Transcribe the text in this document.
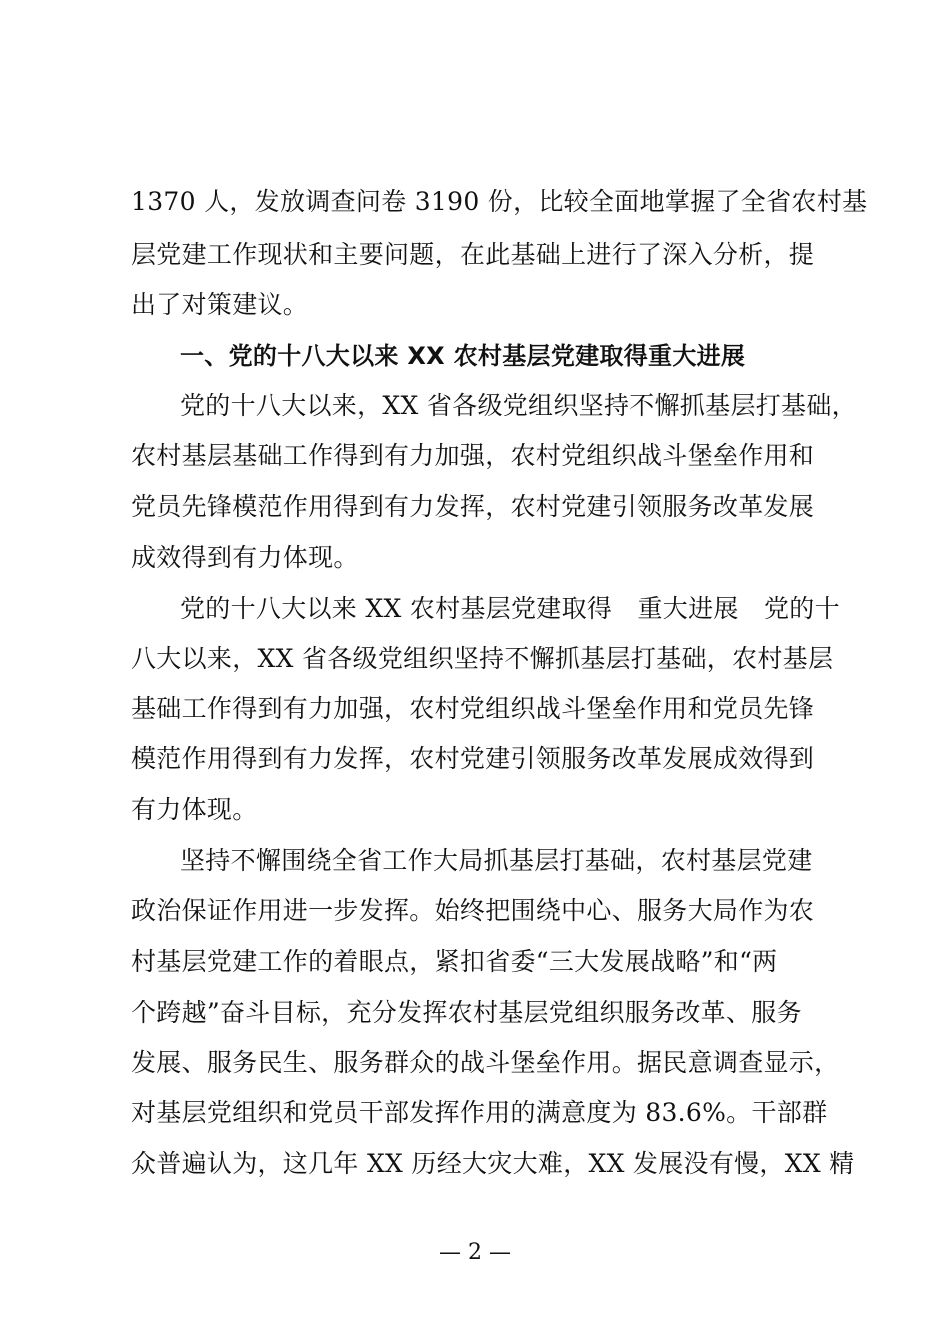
1370 人，发放调查问卷 3190 份，比较全面地掌握了全省农村基
层党建工作现状和主要问题，在此基础上进行了深入分析，提
出了对策建议。
一、党的十八大以来 XX 农村基层党建取得重大进展
党的十八大以来，XX 省各级党组织坚持不懈抓基层打基础，
农村基层基础工作得到有力加强，农村党组织战斗堡垒作用和
党员先锋模范作用得到有力发挥，农村党建引领服务改革发展
成效得到有力体现。
党的十八大以来 XX 农村基层党建取得　重大进展　党的十
八大以来，XX 省各级党组织坚持不懈抓基层打基础，农村基层
基础工作得到有力加强，农村党组织战斗堡垒作用和党员先锋
模范作用得到有力发挥，农村党建引领服务改革发展成效得到
有力体现。
坚持不懈围绕全省工作大局抓基层打基础，农村基层党建
政治保证作用进一步发挥。始终把围绕中心、服务大局作为农
村基层党建工作的着眼点，紧扣省委“三大发展战略”和“两
个跨越”奋斗目标，充分发挥农村基层党组织服务改革、服务
发展、服务民生、服务群众的战斗堡垒作用。据民意调查显示，
对基层党组织和党员干部发挥作用的满意度为 83.6%。干部群
众普遍认为，这几年 XX 历经大灾大难，XX 发展没有慢，XX 精
— 2 —
